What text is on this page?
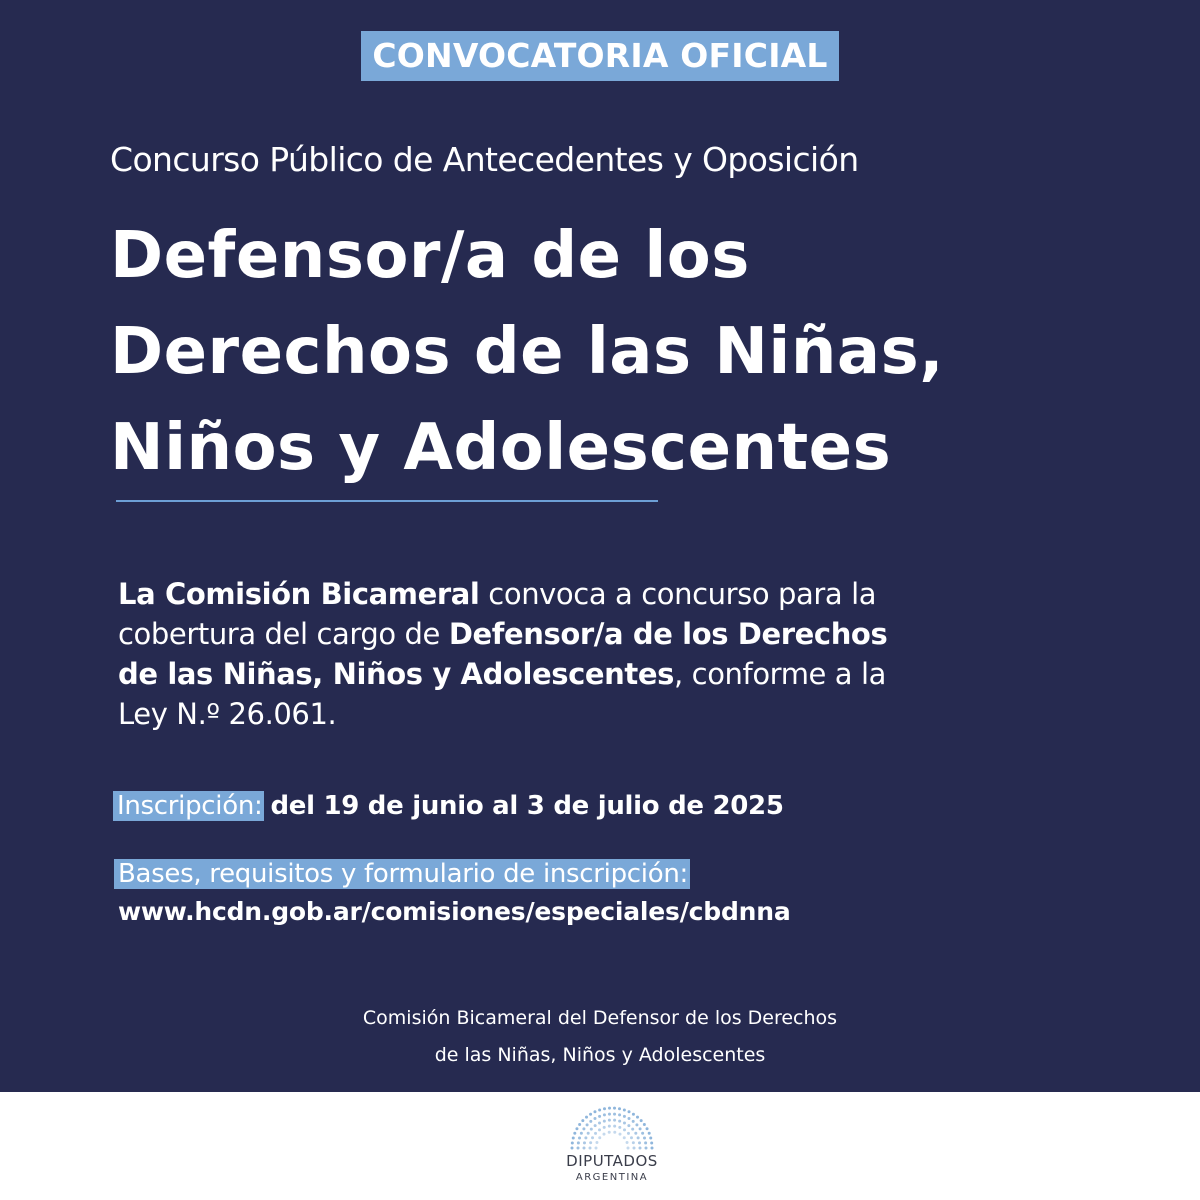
CONVOCATORIA OFICIAL
Concurso Público de Antecedentes y Oposición
Defensor/a de los
Derechos de las Niñas,
Niños y Adolescentes
La Comisión Bicameral convoca a concurso para la
cobertura del cargo de Defensor/a de los Derechos
de las Niñas, Niños y Adolescentes, conforme a la
Ley N.º 26.061.
Inscripción: del 19 de junio al 3 de julio de 2025
Bases, requisitos y formulario de inscripción:
www.hcdn.gob.ar/comisiones/especiales/cbdnna
Comisión Bicameral del Defensor de los Derechos
de las Niñas, Niños y Adolescentes
DIPUTADOS
ARGENTINA
